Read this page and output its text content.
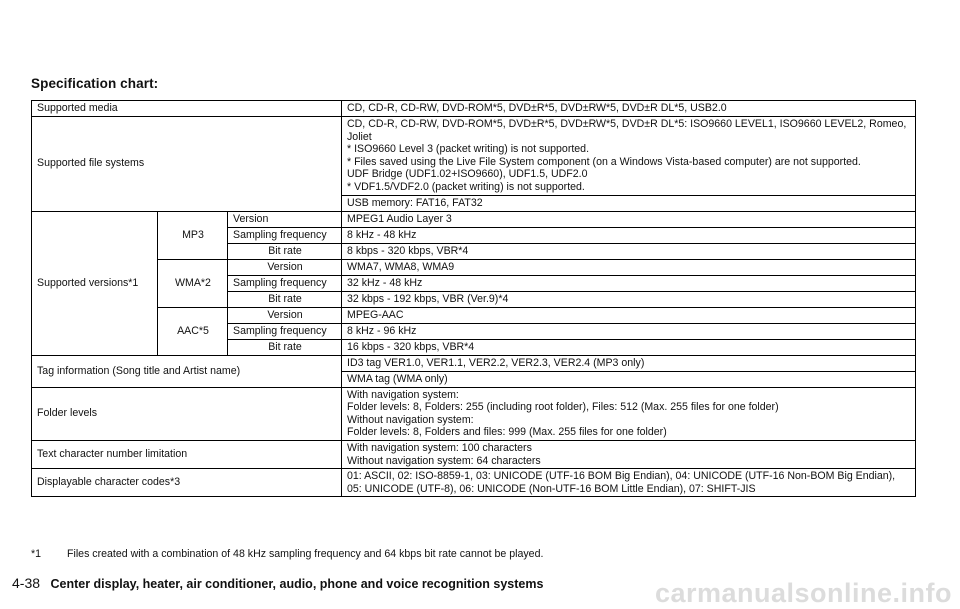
Specification chart:
Supported media			CD, CD-R, CD-RW, DVD-ROM*5, DVD±R*5, DVD±RW*5, DVD±R DL*5, USB2.0
Supported file systems			CD, CD-R, CD-RW, DVD-ROM*5, DVD±R*5, DVD±RW*5, DVD±R DL*5: ISO9660 LEVEL1, ISO9660 LEVEL2, Romeo, Joliet
* ISO9660 Level 3 (packet writing) is not supported.
* Files saved using the Live File System component (on a Windows Vista-based computer) are not supported.
UDF Bridge (UDF1.02+ISO9660), UDF1.5, UDF2.0
* VDF1.5/VDF2.0 (packet writing) is not supported.
			USB memory: FAT16, FAT32
Supported versions*1	MP3	Version	MPEG1 Audio Layer 3
		Sampling frequency	8 kHz - 48 kHz
		Bit rate	8 kbps - 320 kbps, VBR*4
	WMA*2	Version	WMA7, WMA8, WMA9
		Sampling frequency	32 kHz - 48 kHz
		Bit rate	32 kbps - 192 kbps, VBR (Ver.9)*4
	AAC*5	Version	MPEG-AAC
		Sampling frequency	8 kHz - 96 kHz
		Bit rate	16 kbps - 320 kbps, VBR*4
Tag information (Song title and Artist name)			ID3 tag VER1.0, VER1.1, VER2.2, VER2.3, VER2.4 (MP3 only)
			WMA tag (WMA only)
Folder levels			With navigation system:
Folder levels: 8, Folders: 255 (including root folder), Files: 512 (Max. 255 files for one folder)
Without navigation system:
Folder levels: 8, Folders and files: 999 (Max. 255 files for one folder)
Text character number limitation			With navigation system: 100 characters
Without navigation system: 64 characters
Displayable character codes*3			01: ASCII, 02: ISO-8859-1, 03: UNICODE (UTF-16 BOM Big Endian), 04: UNICODE (UTF-16 Non-BOM Big Endian), 05: UNICODE (UTF-8), 06: UNICODE (Non-UTF-16 BOM Little Endian), 07: SHIFT-JIS
*1 Files created with a combination of 48 kHz sampling frequency and 64 kbps bit rate cannot be played.
4-38 Center display, heater, air conditioner, audio, phone and voice recognition systems	carmanualsonline.info
